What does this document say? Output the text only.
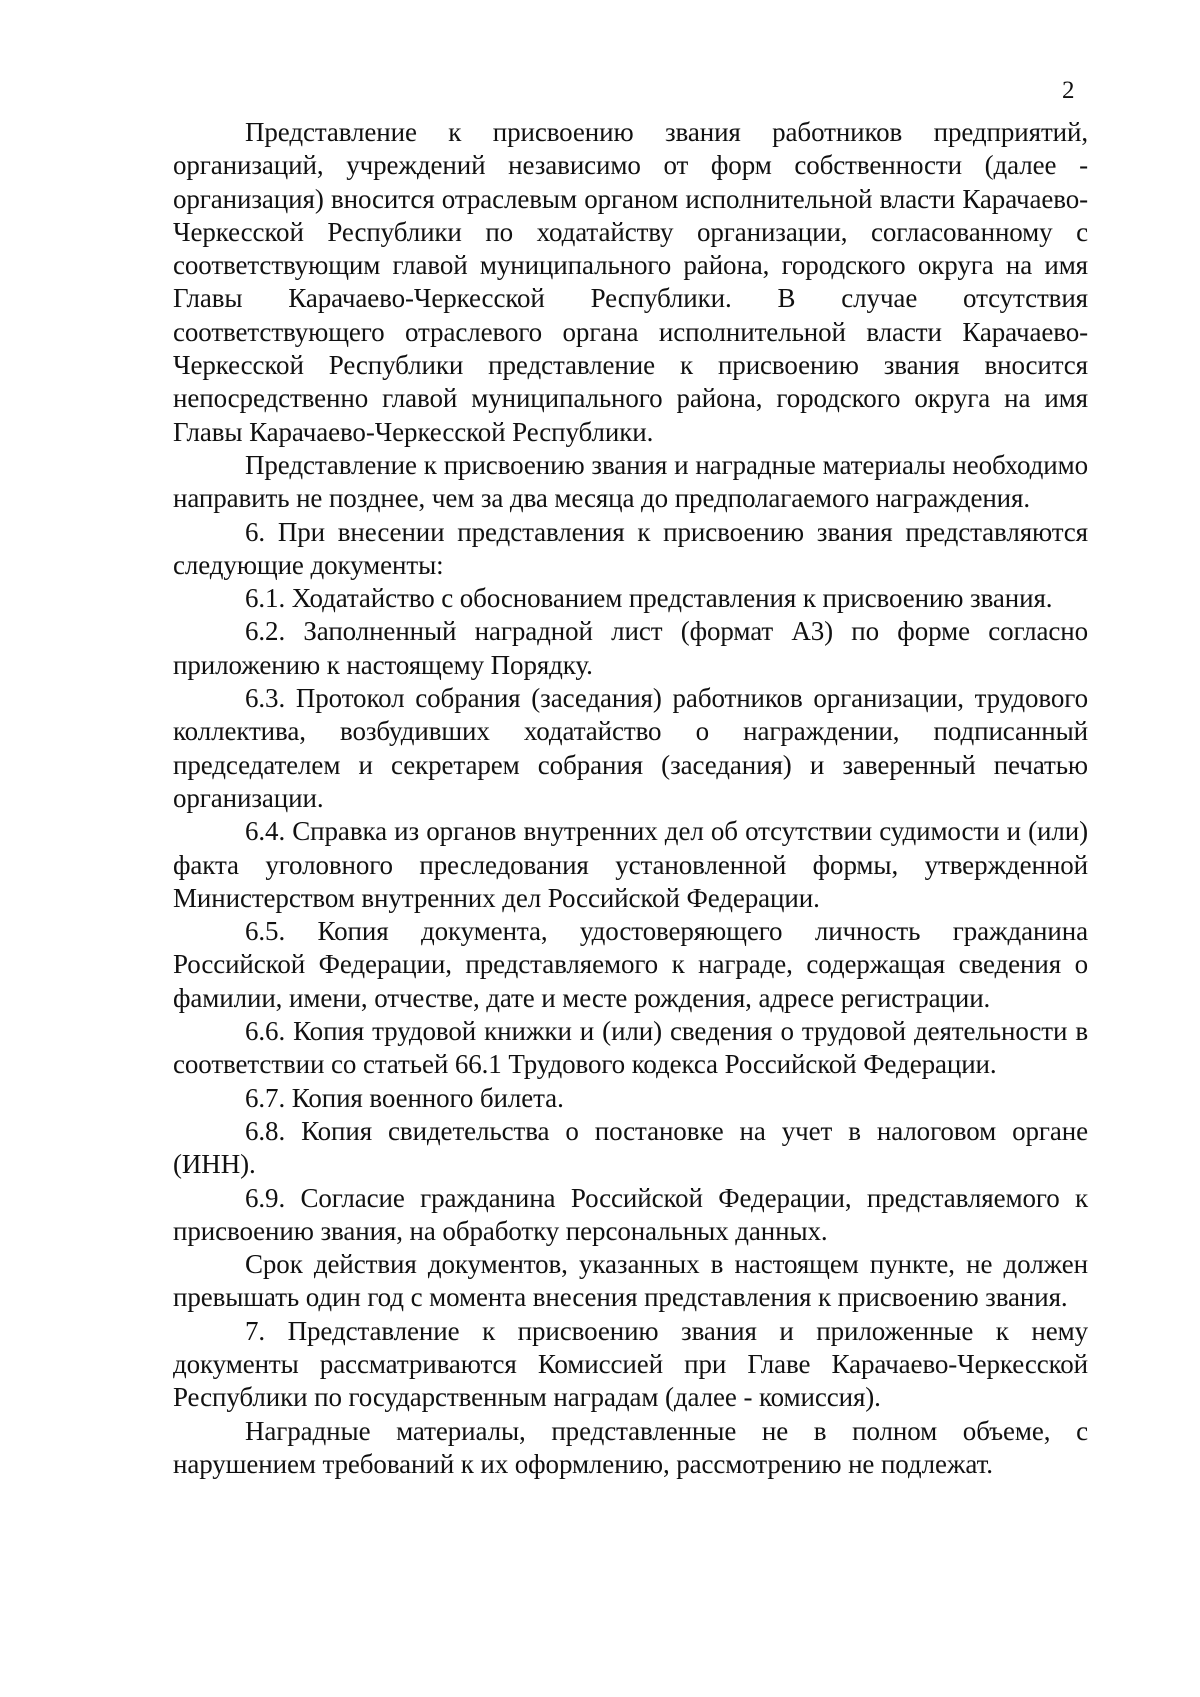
2

Представление к присвоению звания работников предприятий, организаций, учреждений независимо от форм собственности (далее - организация) вносится отраслевым органом исполнительной власти Карачаево-Черкесской Республики по ходатайству организации, согласованному с соответствующим главой муниципального района, городского округа на имя Главы Карачаево-Черкесской Республики. В случае отсутствия соответствующего отраслевого органа исполнительной власти Карачаево-Черкесской Республики представление к присвоению звания вносится непосредственно главой муниципального района, городского округа на имя Главы Карачаево-Черкесской Республики.

Представление к присвоению звания и наградные материалы необходимо направить не позднее, чем за два месяца до предполагаемого награждения.

6. При внесении представления к присвоению звания представляются следующие документы:

6.1. Ходатайство с обоснованием представления к присвоению звания.

6.2. Заполненный наградной лист (формат А3) по форме согласно приложению к настоящему Порядку.

6.3. Протокол собрания (заседания) работников организации, трудового коллектива, возбудивших ходатайство о награждении, подписанный председателем и секретарем собрания (заседания) и заверенный печатью организации.

6.4. Справка из органов внутренних дел об отсутствии судимости и (или) факта уголовного преследования установленной формы, утвержденной Министерством внутренних дел Российской Федерации.

6.5. Копия документа, удостоверяющего личность гражданина Российской Федерации, представляемого к награде, содержащая сведения о фамилии, имени, отчестве, дате и месте рождения, адресе регистрации.

6.6. Копия трудовой книжки и (или) сведения о трудовой деятельности в соответствии со статьей 66.1 Трудового кодекса Российской Федерации.

6.7. Копия военного билета.

6.8. Копия свидетельства о постановке на учет в налоговом органе (ИНН).

6.9. Согласие гражданина Российской Федерации, представляемого к присвоению звания, на обработку персональных данных.

Срок действия документов, указанных в настоящем пункте, не должен превышать один год с момента внесения представления к присвоению звания.

7. Представление к присвоению звания и приложенные к нему документы рассматриваются Комиссией при Главе Карачаево-Черкесской Республики по государственным наградам (далее - комиссия).

Наградные материалы, представленные не в полном объеме, с нарушением требований к их оформлению, рассмотрению не подлежат.
